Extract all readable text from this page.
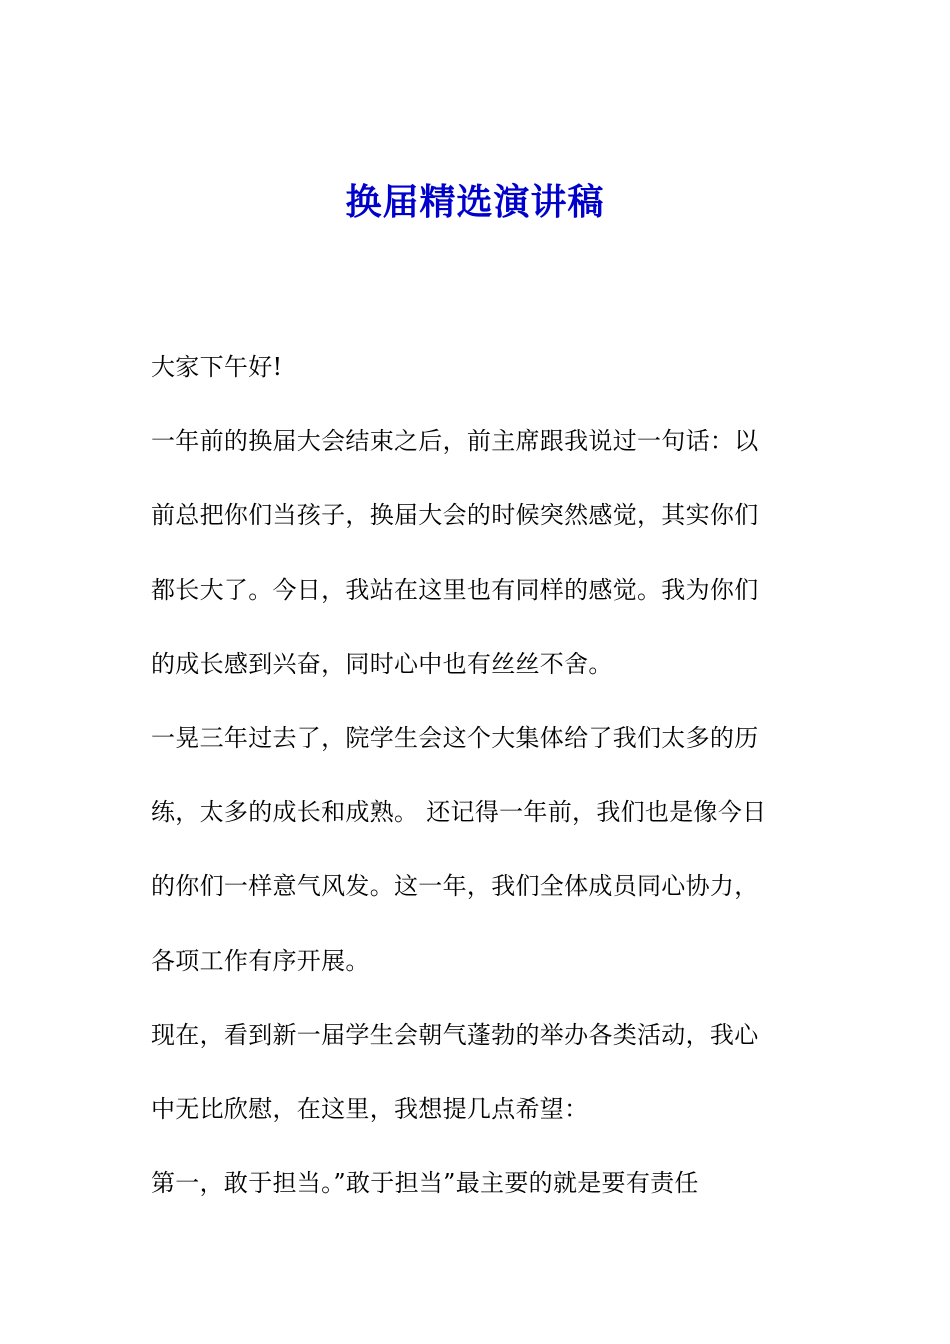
换届精选演讲稿
大家下午好!
一年前的换届大会结束之后，前主席跟我说过一句话：以
前总把你们当孩子，换届大会的时候突然感觉，其实你们
都长大了。今日，我站在这里也有同样的感觉。我为你们
的成长感到兴奋，同时心中也有丝丝不舍。
一晃三年过去了，院学生会这个大集体给了我们太多的历
练，太多的成长和成熟。 还记得一年前，我们也是像今日
的你们一样意气风发。这一年，我们全体成员同心协力，
各项工作有序开展。
现在，看到新一届学生会朝气蓬勃的举办各类活动，我心
中无比欣慰，在这里，我想提几点希望：
第一，敢于担当。”敢于担当”最主要的就是要有责任
